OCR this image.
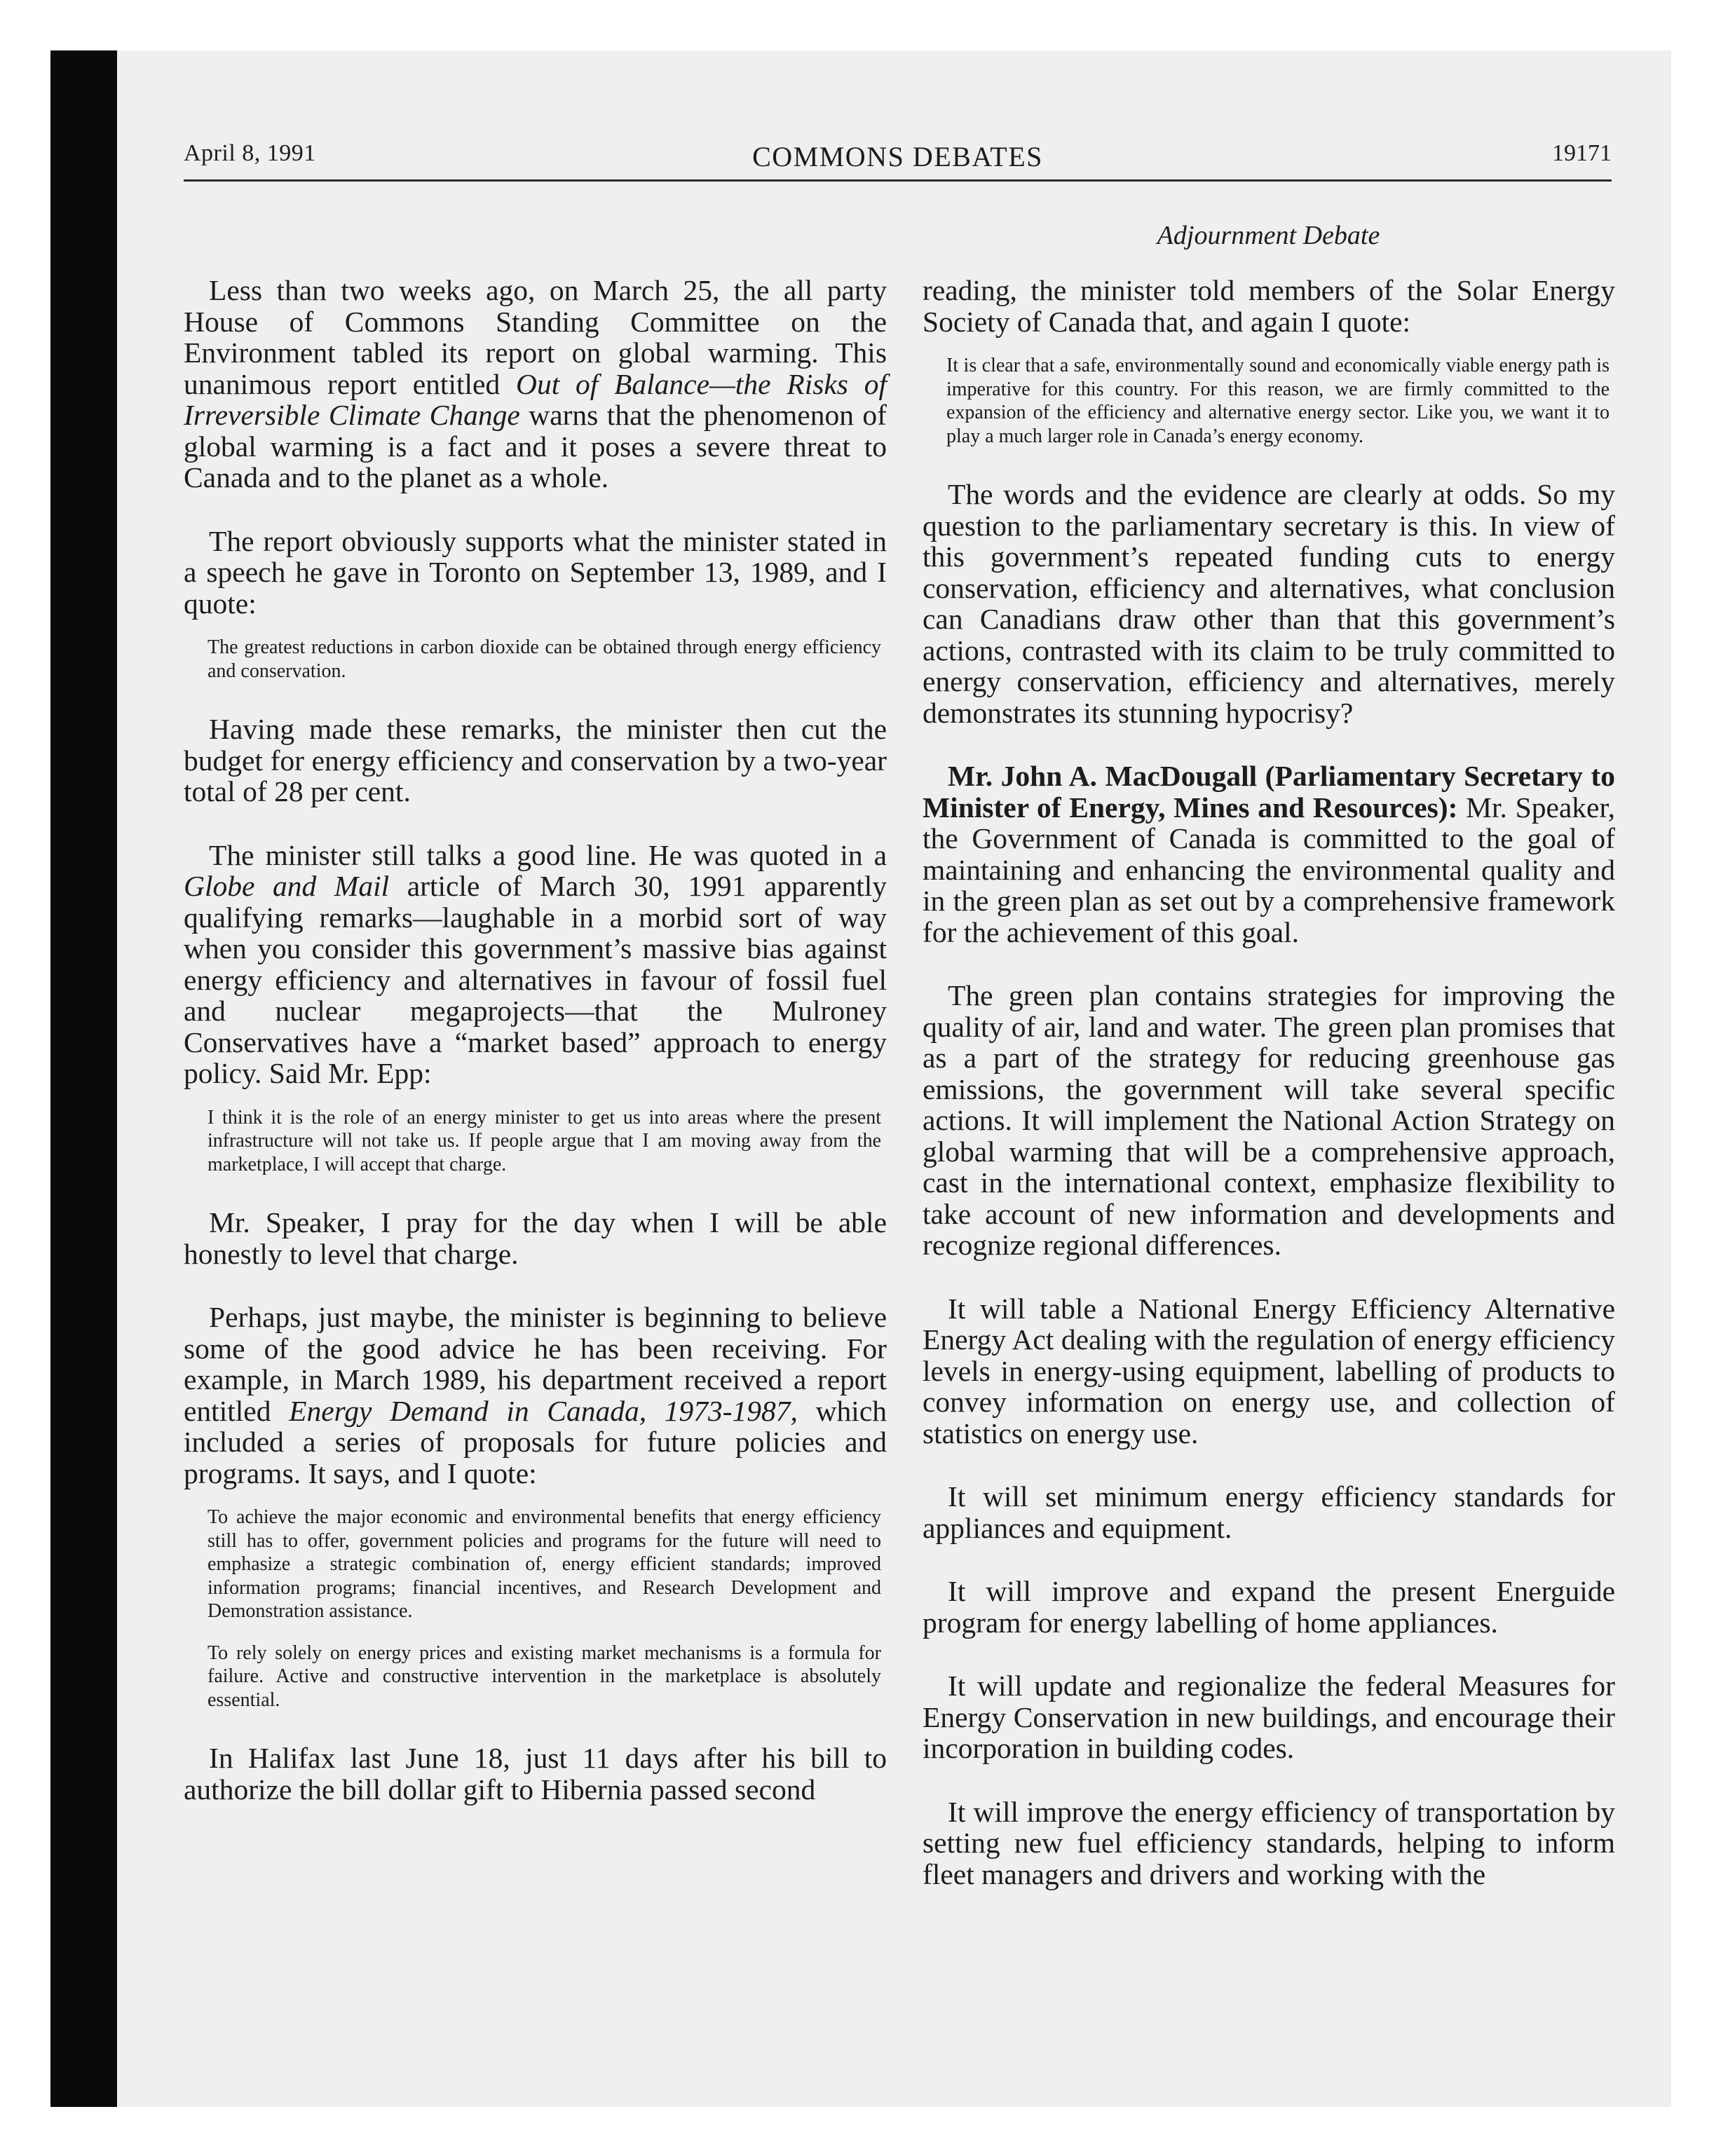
April 8, 1991	COMMONS DEBATES	19171
Adjournment Debate

Less than two weeks ago, on March 25, the all party House of Commons Standing Committee on the Environment tabled its report on global warming. This unanimous report entitled Out of Balance—the Risks of Irreversible Climate Change warns that the phenomenon of global warming is a fact and it poses a severe threat to Canada and to the planet as a whole.

The report obviously supports what the minister stated in a speech he gave in Toronto on September 13, 1989, and I quote:

The greatest reductions in carbon dioxide can be obtained through energy efficiency and conservation.

Having made these remarks, the minister then cut the budget for energy efficiency and conservation by a two-year total of 28 per cent.

The minister still talks a good line. He was quoted in a Globe and Mail article of March 30, 1991 apparently qualifying remarks—laughable in a morbid sort of way when you consider this government’s massive bias against energy efficiency and alternatives in favour of fossil fuel and nuclear megaprojects—that the Mulroney Conservatives have a “market based” approach to energy policy. Said Mr. Epp:

I think it is the role of an energy minister to get us into areas where the present infrastructure will not take us. If people argue that I am moving away from the marketplace, I will accept that charge.

Mr. Speaker, I pray for the day when I will be able honestly to level that charge.

Perhaps, just maybe, the minister is beginning to believe some of the good advice he has been receiving. For example, in March 1989, his department received a report entitled Energy Demand in Canada, 1973-1987, which included a series of proposals for future policies and programs. It says, and I quote:

To achieve the major economic and environmental benefits that energy efficiency still has to offer, government policies and programs for the future will need to emphasize a strategic combination of, energy efficient standards; improved information programs; financial incentives, and Research Development and Demonstration assistance.

To rely solely on energy prices and existing market mechanisms is a formula for failure. Active and constructive intervention in the marketplace is absolutely essential.

In Halifax last June 18, just 11 days after his bill to authorize the bill dollar gift to Hibernia passed second

reading, the minister told members of the Solar Energy Society of Canada that, and again I quote:

It is clear that a safe, environmentally sound and economically viable energy path is imperative for this country. For this reason, we are firmly committed to the expansion of the efficiency and alternative energy sector. Like you, we want it to play a much larger role in Canada’s energy economy.

The words and the evidence are clearly at odds. So my question to the parliamentary secretary is this. In view of this government’s repeated funding cuts to energy conservation, efficiency and alternatives, what conclusion can Canadians draw other than that this government’s actions, contrasted with its claim to be truly committed to energy conservation, efficiency and alternatives, merely demonstrates its stunning hypocrisy?

Mr. John A. MacDougall (Parliamentary Secretary to Minister of Energy, Mines and Resources): Mr. Speaker, the Government of Canada is committed to the goal of maintaining and enhancing the environmental quality and in the green plan as set out by a comprehensive framework for the achievement of this goal.

The green plan contains strategies for improving the quality of air, land and water. The green plan promises that as a part of the strategy for reducing greenhouse gas emissions, the government will take several specific actions. It will implement the National Action Strategy on global warming that will be a comprehensive approach, cast in the international context, emphasize flexibility to take account of new information and developments and recognize regional differences.

It will table a National Energy Efficiency Alternative Energy Act dealing with the regulation of energy efficiency levels in energy-using equipment, labelling of products to convey information on energy use, and collection of statistics on energy use.

It will set minimum energy efficiency standards for appliances and equipment.

It will improve and expand the present Energuide program for energy labelling of home appliances.

It will update and regionalize the federal Measures for Energy Conservation in new buildings, and encourage their incorporation in building codes.

It will improve the energy efficiency of transportation by setting new fuel efficiency standards, helping to inform fleet managers and drivers and working with the
